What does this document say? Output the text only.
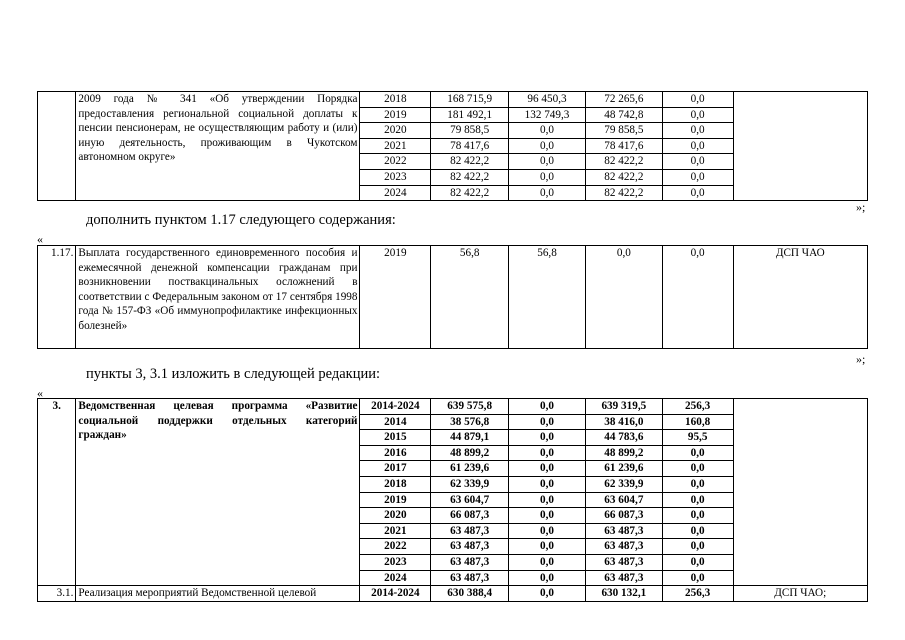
	2009 года № 341 «Об утверждении Порядка предоставления региональной социальной доплаты к пенсии пенсионерам, не осуществляющим работу и (или) иную деятельность, проживающим в Чукотском автономном округе»	2018	168 715,9	96 450,3	72 265,6	0,0	
		2019	181 492,1	132 749,3	48 742,8	0,0	
		2020	79 858,5	0,0	79 858,5	0,0	
		2021	78 417,6	0,0	78 417,6	0,0	
		2022	82 422,2	0,0	82 422,2	0,0	
		2023	82 422,2	0,0	82 422,2	0,0	
		2024	82 422,2	0,0	82 422,2	0,0	
»;
дополнить пунктом 1.17 следующего содержания:
«
1.17.	Выплата государственного единовременного пособия и ежемесячной денежной компенсации гражданам при возникновении поствакцинальных осложнений в соответствии с Федеральным законом от 17 сентября 1998 года № 157-ФЗ «Об иммунопрофилактике инфекционных болезней»	2019	56,8	56,8	0,0	0,0	ДСП ЧАО
»;
пункты 3, 3.1 изложить в следующей редакции:
«
3.	Ведомственная целевая программа «Развитие социальной поддержки отдельных категорий граждан»	2014-2024	639 575,8	0,0	639 319,5	256,3	
		2014	38 576,8	0,0	38 416,0	160,8	
		2015	44 879,1	0,0	44 783,6	95,5	
		2016	48 899,2	0,0	48 899,2	0,0	
		2017	61 239,6	0,0	61 239,6	0,0	
		2018	62 339,9	0,0	62 339,9	0,0	
		2019	63 604,7	0,0	63 604,7	0,0	
		2020	66 087,3	0,0	66 087,3	0,0	
		2021	63 487,3	0,0	63 487,3	0,0	
		2022	63 487,3	0,0	63 487,3	0,0	
		2023	63 487,3	0,0	63 487,3	0,0	
		2024	63 487,3	0,0	63 487,3	0,0	
3.1.	Реализация мероприятий Ведомственной целевой	2014-2024	630 388,4	0,0	630 132,1	256,3	ДСП ЧАО;
